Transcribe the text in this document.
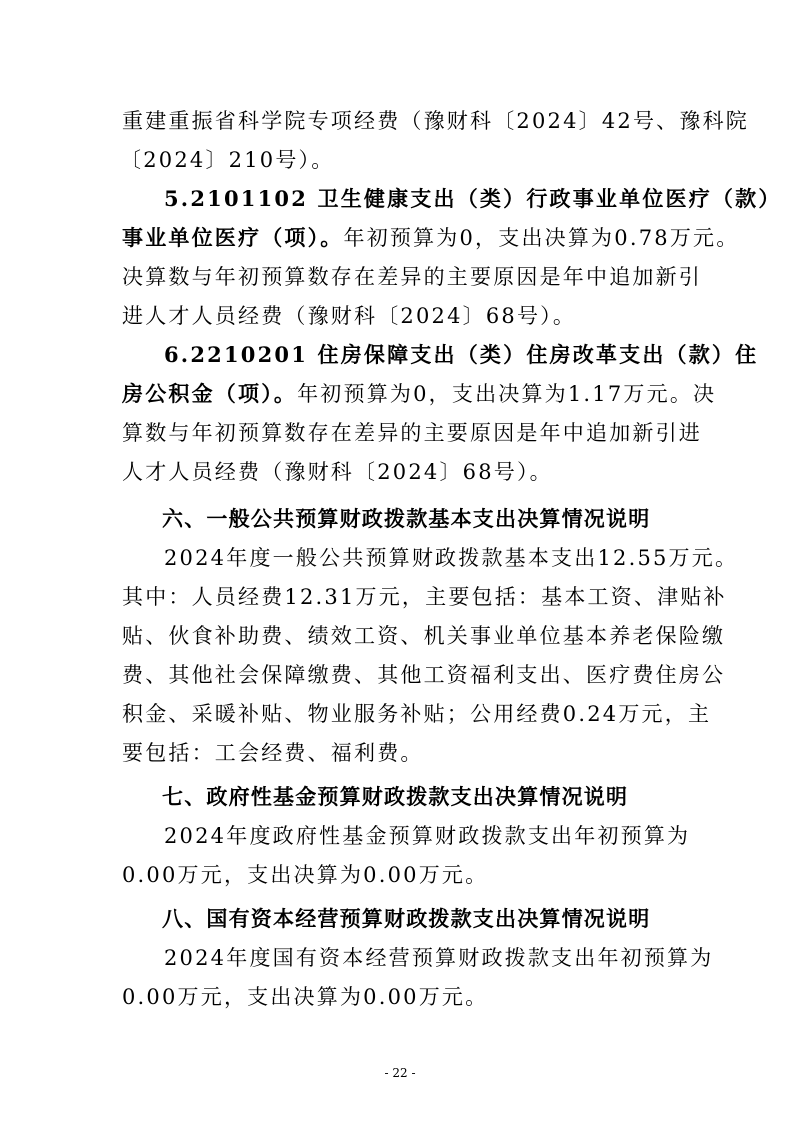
重建重振省科学院专项经费（豫财科〔2024〕42号、豫科院
〔2024〕210号）。
5.2101102 卫生健康支出（类）行政事业单位医疗（款）
事业单位医疗（项）。年初预算为0，支出决算为0.78万元。
决算数与年初预算数存在差异的主要原因是年中追加新引
进人才人员经费（豫财科〔2024〕68号）。
6.2210201 住房保障支出（类）住房改革支出（款）住
房公积金（项）。年初预算为0，支出决算为1.17万元。决
算数与年初预算数存在差异的主要原因是年中追加新引进
人才人员经费（豫财科〔2024〕68号）。
六、一般公共预算财政拨款基本支出决算情况说明
2024年度一般公共预算财政拨款基本支出12.55万元。
其中：人员经费12.31万元，主要包括：基本工资、津贴补
贴、伙食补助费、绩效工资、机关事业单位基本养老保险缴
费、其他社会保障缴费、其他工资福利支出、医疗费住房公
积金、采暖补贴、物业服务补贴；公用经费0.24万元，主
要包括：工会经费、福利费。
七、政府性基金预算财政拨款支出决算情况说明
2024年度政府性基金预算财政拨款支出年初预算为
0.00万元，支出决算为0.00万元。
八、国有资本经营预算财政拨款支出决算情况说明
2024年度国有资本经营预算财政拨款支出年初预算为
0.00万元，支出决算为0.00万元。
- 22 -
